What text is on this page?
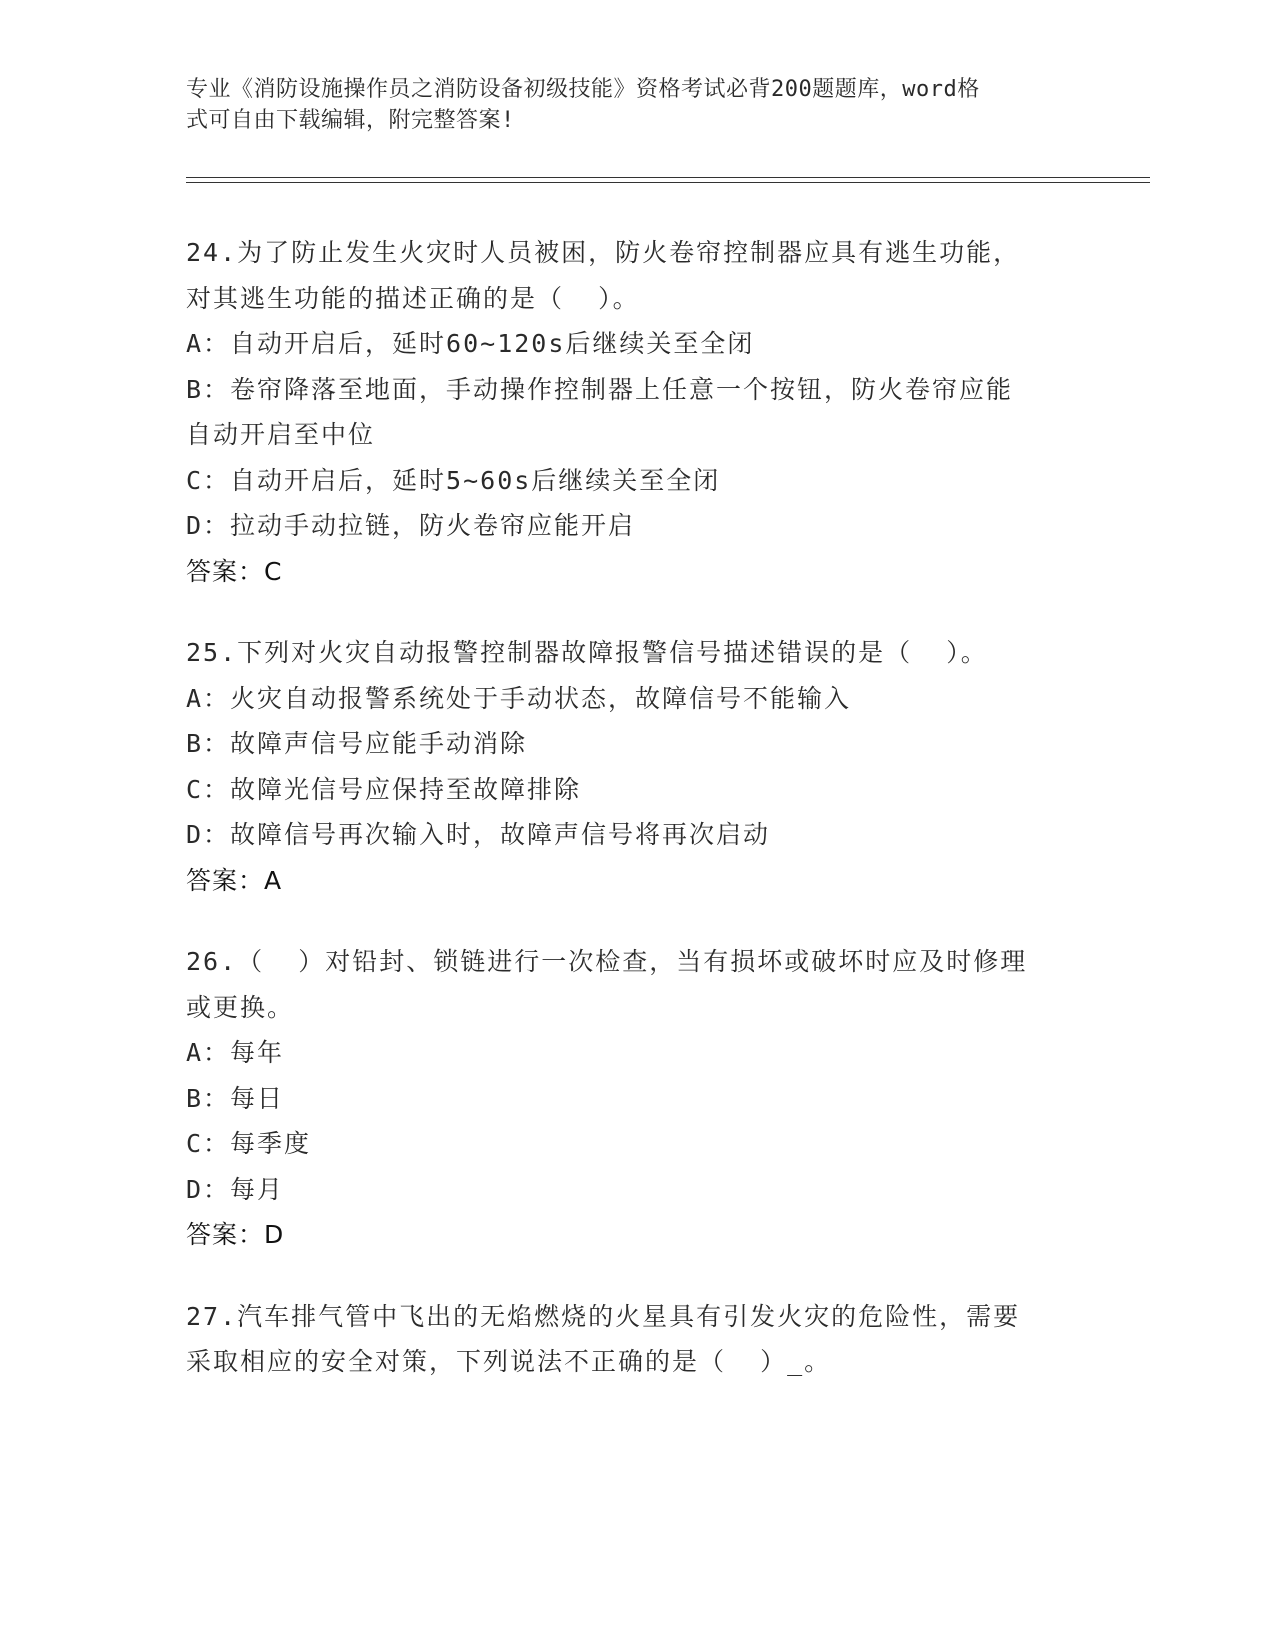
专业《消防设施操作员之消防设备初级技能》资格考试必背200题题库，word格
式可自由下载编辑，附完整答案!
24.为了防止发生火灾时人员被困，防火卷帘控制器应具有逃生功能，
对其逃生功能的描述正确的是（  ）。
A：自动开启后，延时60~120s后继续关至全闭
B：卷帘降落至地面，手动操作控制器上任意一个按钮，防火卷帘应能
自动开启至中位
C：自动开启后，延时5~60s后继续关至全闭
D：拉动手动拉链，防火卷帘应能开启
答案：C
25.下列对火灾自动报警控制器故障报警信号描述错误的是（  ）。
A：火灾自动报警系统处于手动状态，故障信号不能输入
B：故障声信号应能手动消除
C：故障光信号应保持至故障排除
D：故障信号再次输入时，故障声信号将再次启动
答案：A
26.（  ）对铅封、锁链进行一次检查，当有损坏或破坏时应及时修理
或更换。
A：每年
B：每日
C：每季度
D：每月
答案：D
27.汽车排气管中飞出的无焰燃烧的火星具有引发火灾的危险性，需要
采取相应的安全对策，下列说法不正确的是（  ）_。
